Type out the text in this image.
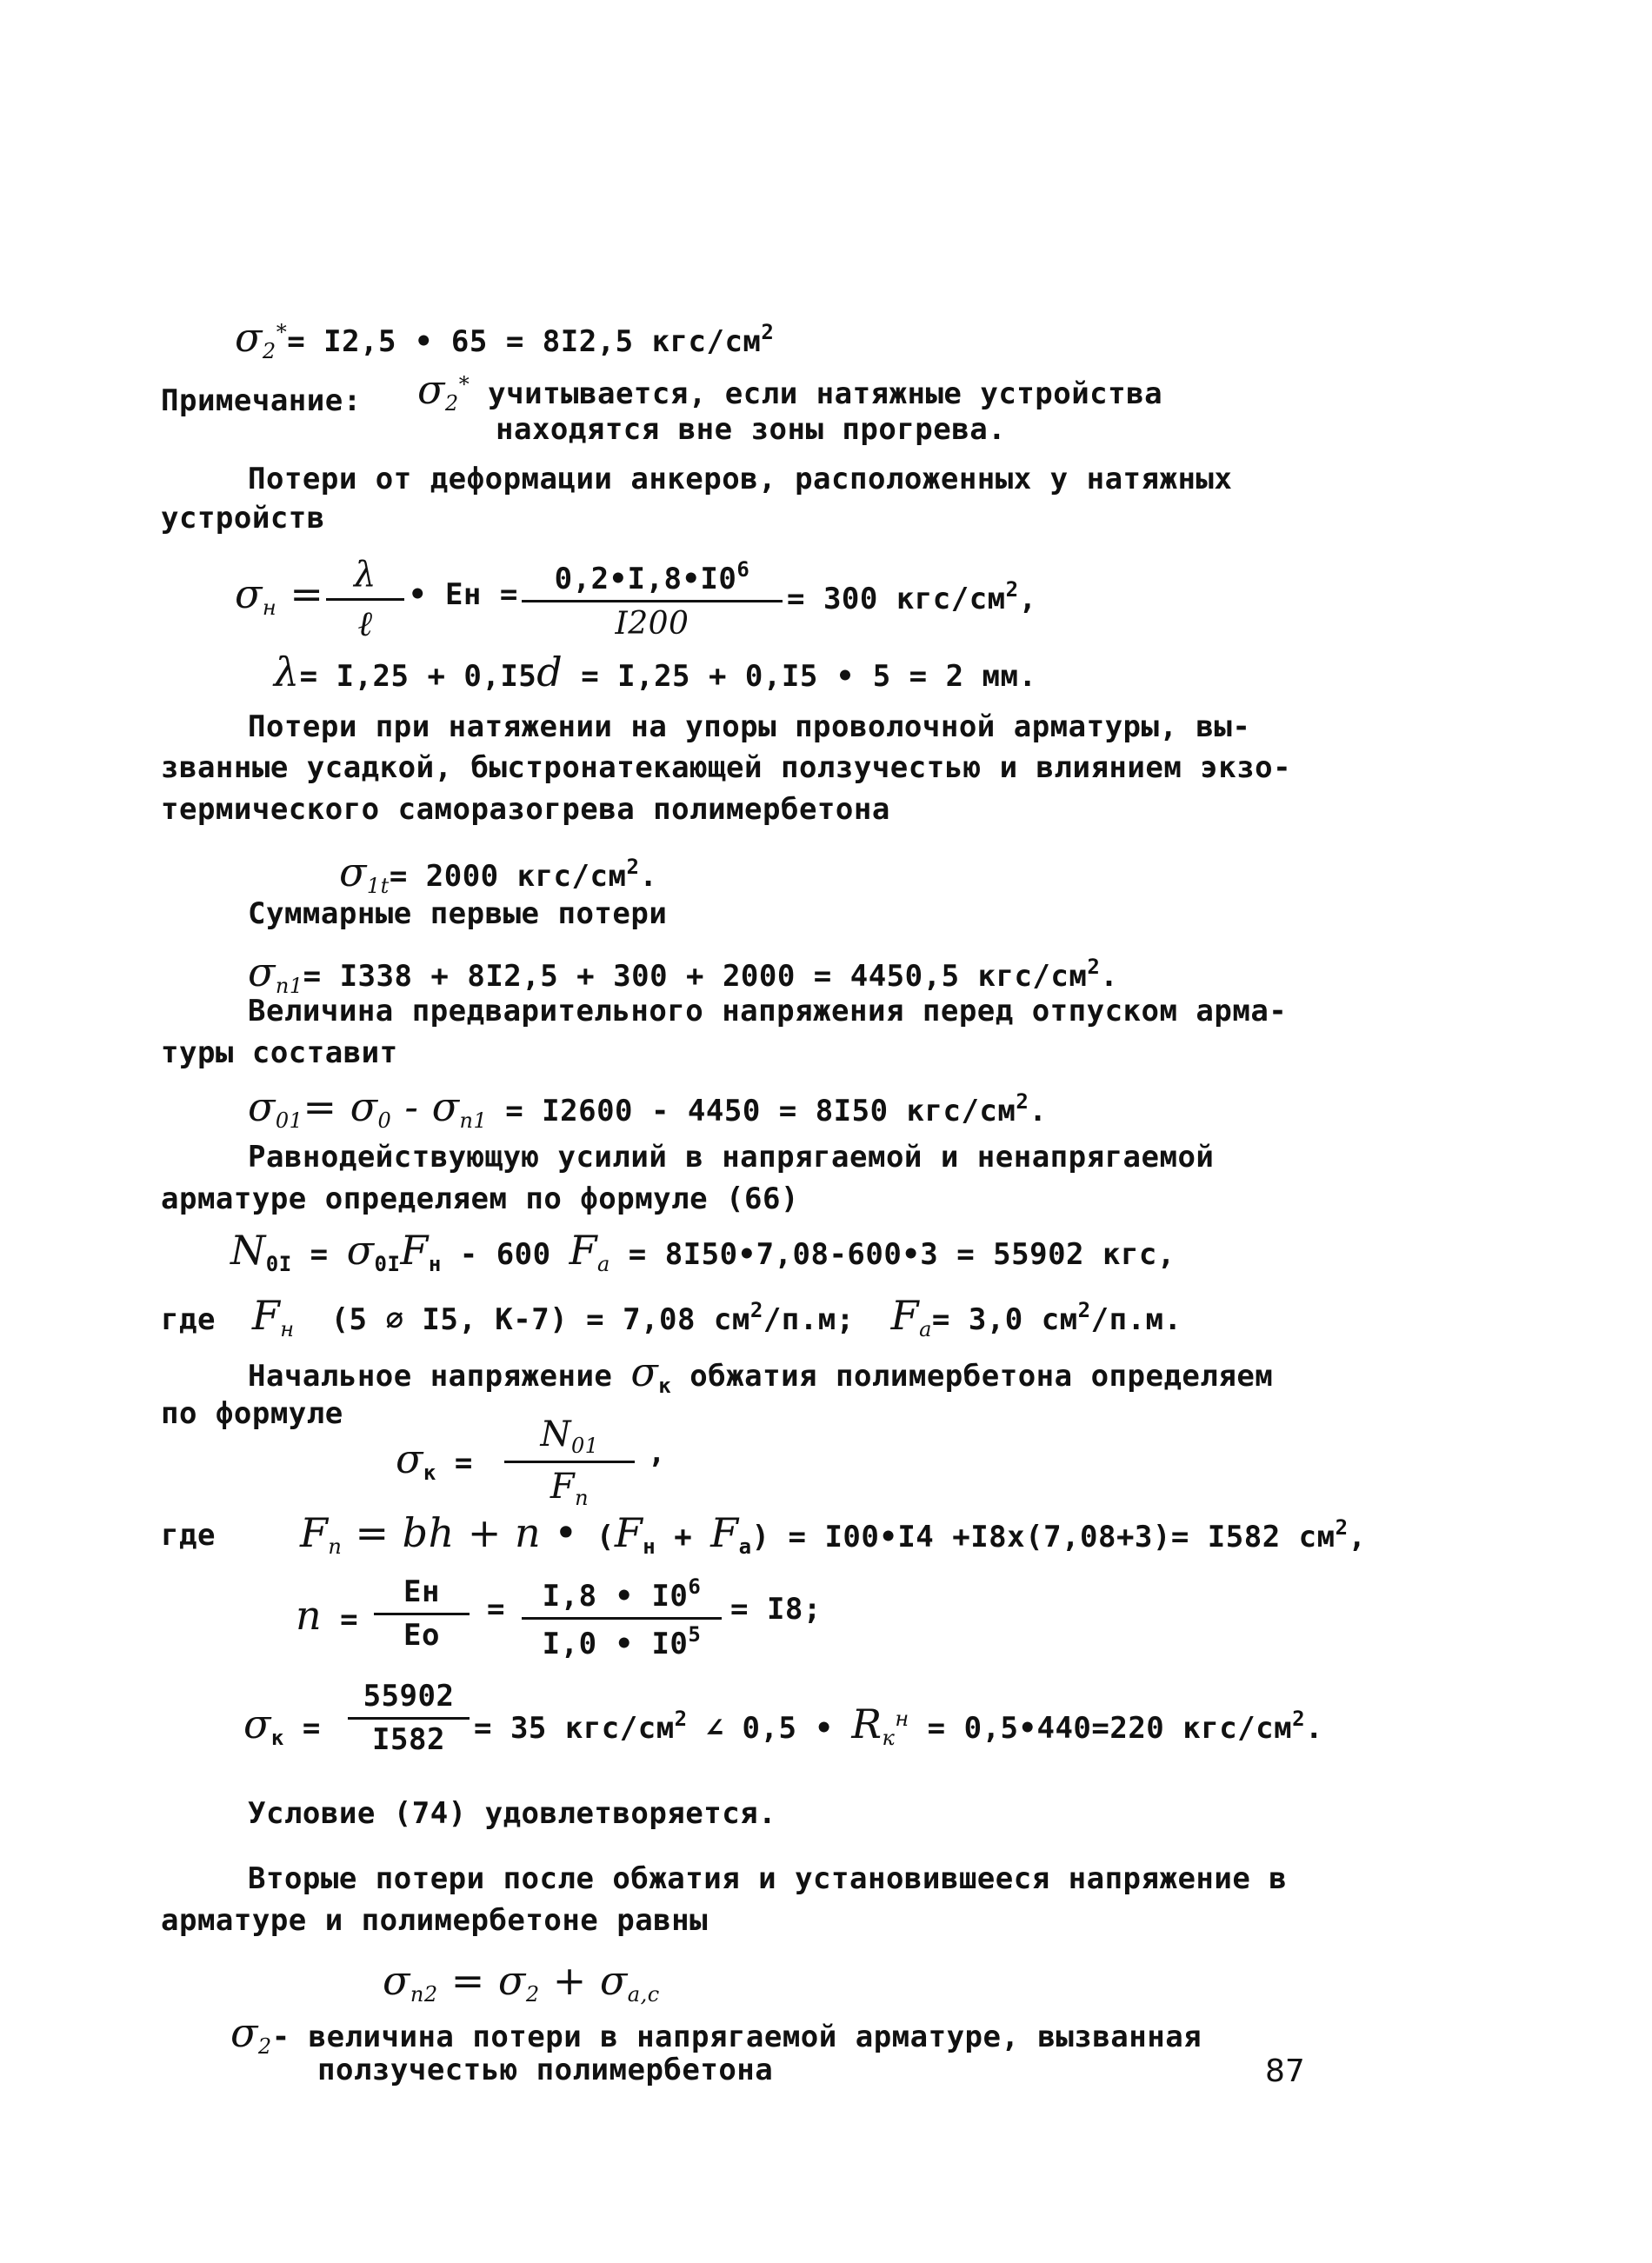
$\sigma_2^*= I2,5$ • 65 = 8I2,5 кгс/$см^2$
Примечание: $\sigma_2^*$ учитывается, если натяжные устройства
находятся вне зоны прогрева.
Потери от деформации анкеров, расположенных у натяжных
устройств
$\sigma_н = \lambda$
ℓ
• Ен = $\frac{0,2•I,8•I0^6}{I200} = 300$ кгс/$см^2$,
λ= I,25 + 0,I5d = I,25 + 0,I5 • 5 = 2 мм.
Потери при натяжении на упоры проволочной арматуры, вы-
званные усадкой, быстронатекающей ползучестью и влиянием экзо-
термического саморазогрева полимербетона
$\sigma_{1t}= 2000$ кгс/$см^2$.
Суммарные первые потери
$\sigma_{п1}= I338 + 8I2,5 + 300 + 2000 = 4450,5$ кгс/$см^2$.
Величина предварительного напряжения перед отпуском арма-
туры составит
$\sigma_{01}= \sigma_0 - \sigma_{п1} = I2600 - 4450 = 8I50$ кгс/$см^2$.
Равнодействующую усилий в напрягаемой и ненапрягаемой
арматуре определяем по формуле (66)
$N_{0I} = \sigma_{0I}F_н - 600$ $F_a$ = 8I50•7,08-600•3 = 55902 кгс,
где $F_н$ (5 ∅ I5, К-7) = 7,08 $см^2/п.м$; $F_a= 3,0$ $см^2/п.м$.
Начальное напряжение $\sigma_к$ обжатия полимербетона определяем
по формуле
$\sigma_к$ =
$N_{01}$
$F_п$
,
где $F_п$ = bh + n • $(F_н + F_а)$ = I00•I4 +I8х(7,08+3)= I582 $см^2$,
n =
Ен
Ео
= $\frac{I,8 • I0^6}{I,0 • I0^5} = I8$;
$\sigma_к = \frac{55902}{I582} = 35$ кгс/$см^2$ ∠ 0,5 • $R_к^н$ = 0,5•440=220 кгс/$см^2$.
Условие (74) удовлетворяется.
Вторые потери после обжатия и установившееся напряжение в
арматуре и полимербетоне равны
$\sigma_{п2} = \sigma_2 + \sigma_{a,c}$
$\sigma_2-$ величина потери в напрягаемой арматуре, вызванная
ползучестью полимербетона	87
